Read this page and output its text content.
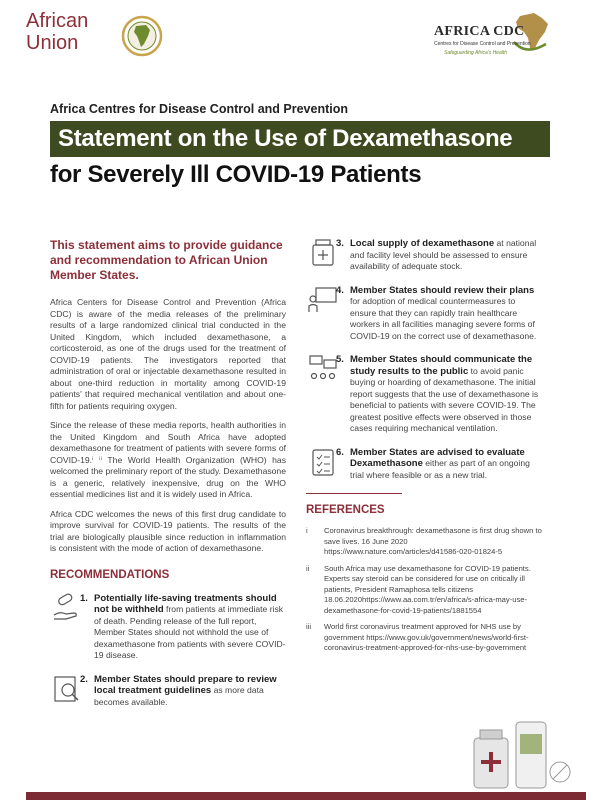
African
Union
AFRICA CDC
Centres for Disease Control and Prevention
Safeguarding Africa's Health
Africa Centres for Disease Control and Prevention
Statement on the Use of Dexamethasone
for Severely Ill COVID-19 Patients
This statement aims to provide guidance and recommendation to African Union Member States.

Africa Centers for Disease Control and Prevention (Africa CDC) is aware of the media releases of the preliminary results of a large randomized clinical trial conducted in the United Kingdom, which included dexamethasone, a corticosteroid, as one of the drugs used for the treatment of COVID-19 patients. The investigators reported that administration of oral or injectable dexamethasone resulted in about one-third reduction in mortality among COVID-19 patients' that required mechanical ventilation and about one-fifth for patients requiring oxygen.

Since the release of these media reports, health authorities in the United Kingdom and South Africa have adopted dexamethasone for treatment of patients with severe forms of COVID-19.ⁱ ⁱⁱ The World Health Organization (WHO) has welcomed the preliminary report of the study. Dexamethasone is a generic, relatively inexpensive, drug on the WHO essential medicines list and it is widely used in Africa.

Africa CDC welcomes the news of this first drug candidate to improve survival for COVID-19 patients. The results of the trial are biologically plausible since reduction in inflammation is consistent with the mode of action of dexamethasone.

RECOMMENDATIONS
1. Potentially life-saving treatments should not be withheld from patients at immediate risk of death. Pending release of the full report, Member States should not withhold the use of dexamethasone from patients with severe COVID-19 disease.
2. Member States should prepare to review local treatment guidelines as more data becomes available.
3. Local supply of dexamethasone at national and facility level should be assessed to ensure availability of adequate stock.
4. Member States should review their plans for adoption of medical countermeasures to ensure that they can rapidly train healthcare workers in all facilities managing severe forms of COVID-19 on the correct use of dexamethasone.
5. Member States should communicate the study results to the public to avoid panic buying or hoarding of dexamethasone. The initial report suggests that the use of dexamethasone is beneficial to patients with severe COVID-19. The greatest positive effects were observed in those cases requiring mechanical ventilation.
6. Member States are advised to evaluate Dexamethasone either as part of an ongoing trial where feasible or as a new trial.
REFERENCES
i Coronavirus breakthrough: dexamethasone is first drug shown to save lives. 16 June 2020 https://www.nature.com/articles/d41586-020-01824-5
ii South Africa may use dexamethasone for COVID-19 patients. Experts say steroid can be considered for use on critically ill patients, President Ramaphosa tells citizens 18.06.2020https://www.aa.com.tr/en/africa/s-africa-may-use-dexamethasone-for-covid-19-patients/1881554
iii World first coronavirus treatment approved for NHS use by government https://www.gov.uk/government/news/world-first-coronavirus-treatment-approved-for-nhs-use-by-government
